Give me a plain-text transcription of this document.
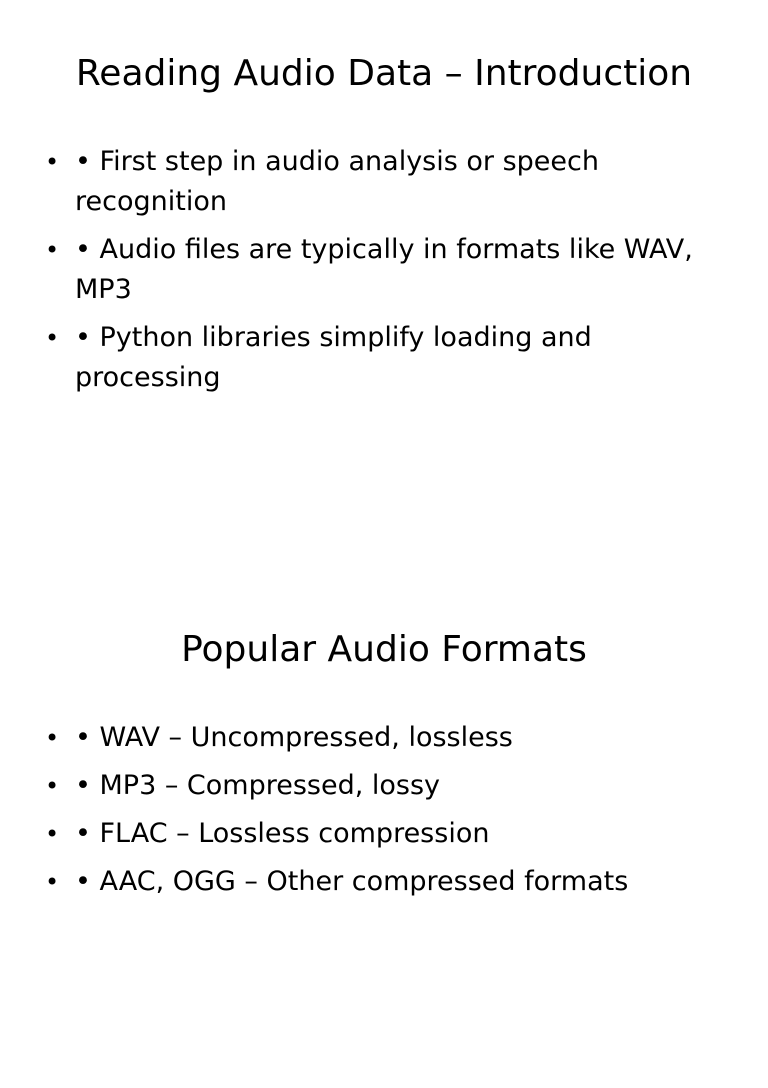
Reading Audio Data – Introduction
• • First step in audio analysis or speech recognition
• • Audio files are typically in formats like WAV, MP3
• • Python libraries simplify loading and processing
Popular Audio Formats
• • WAV – Uncompressed, lossless
• • MP3 – Compressed, lossy
• • FLAC – Lossless compression
• • AAC, OGG – Other compressed formats
